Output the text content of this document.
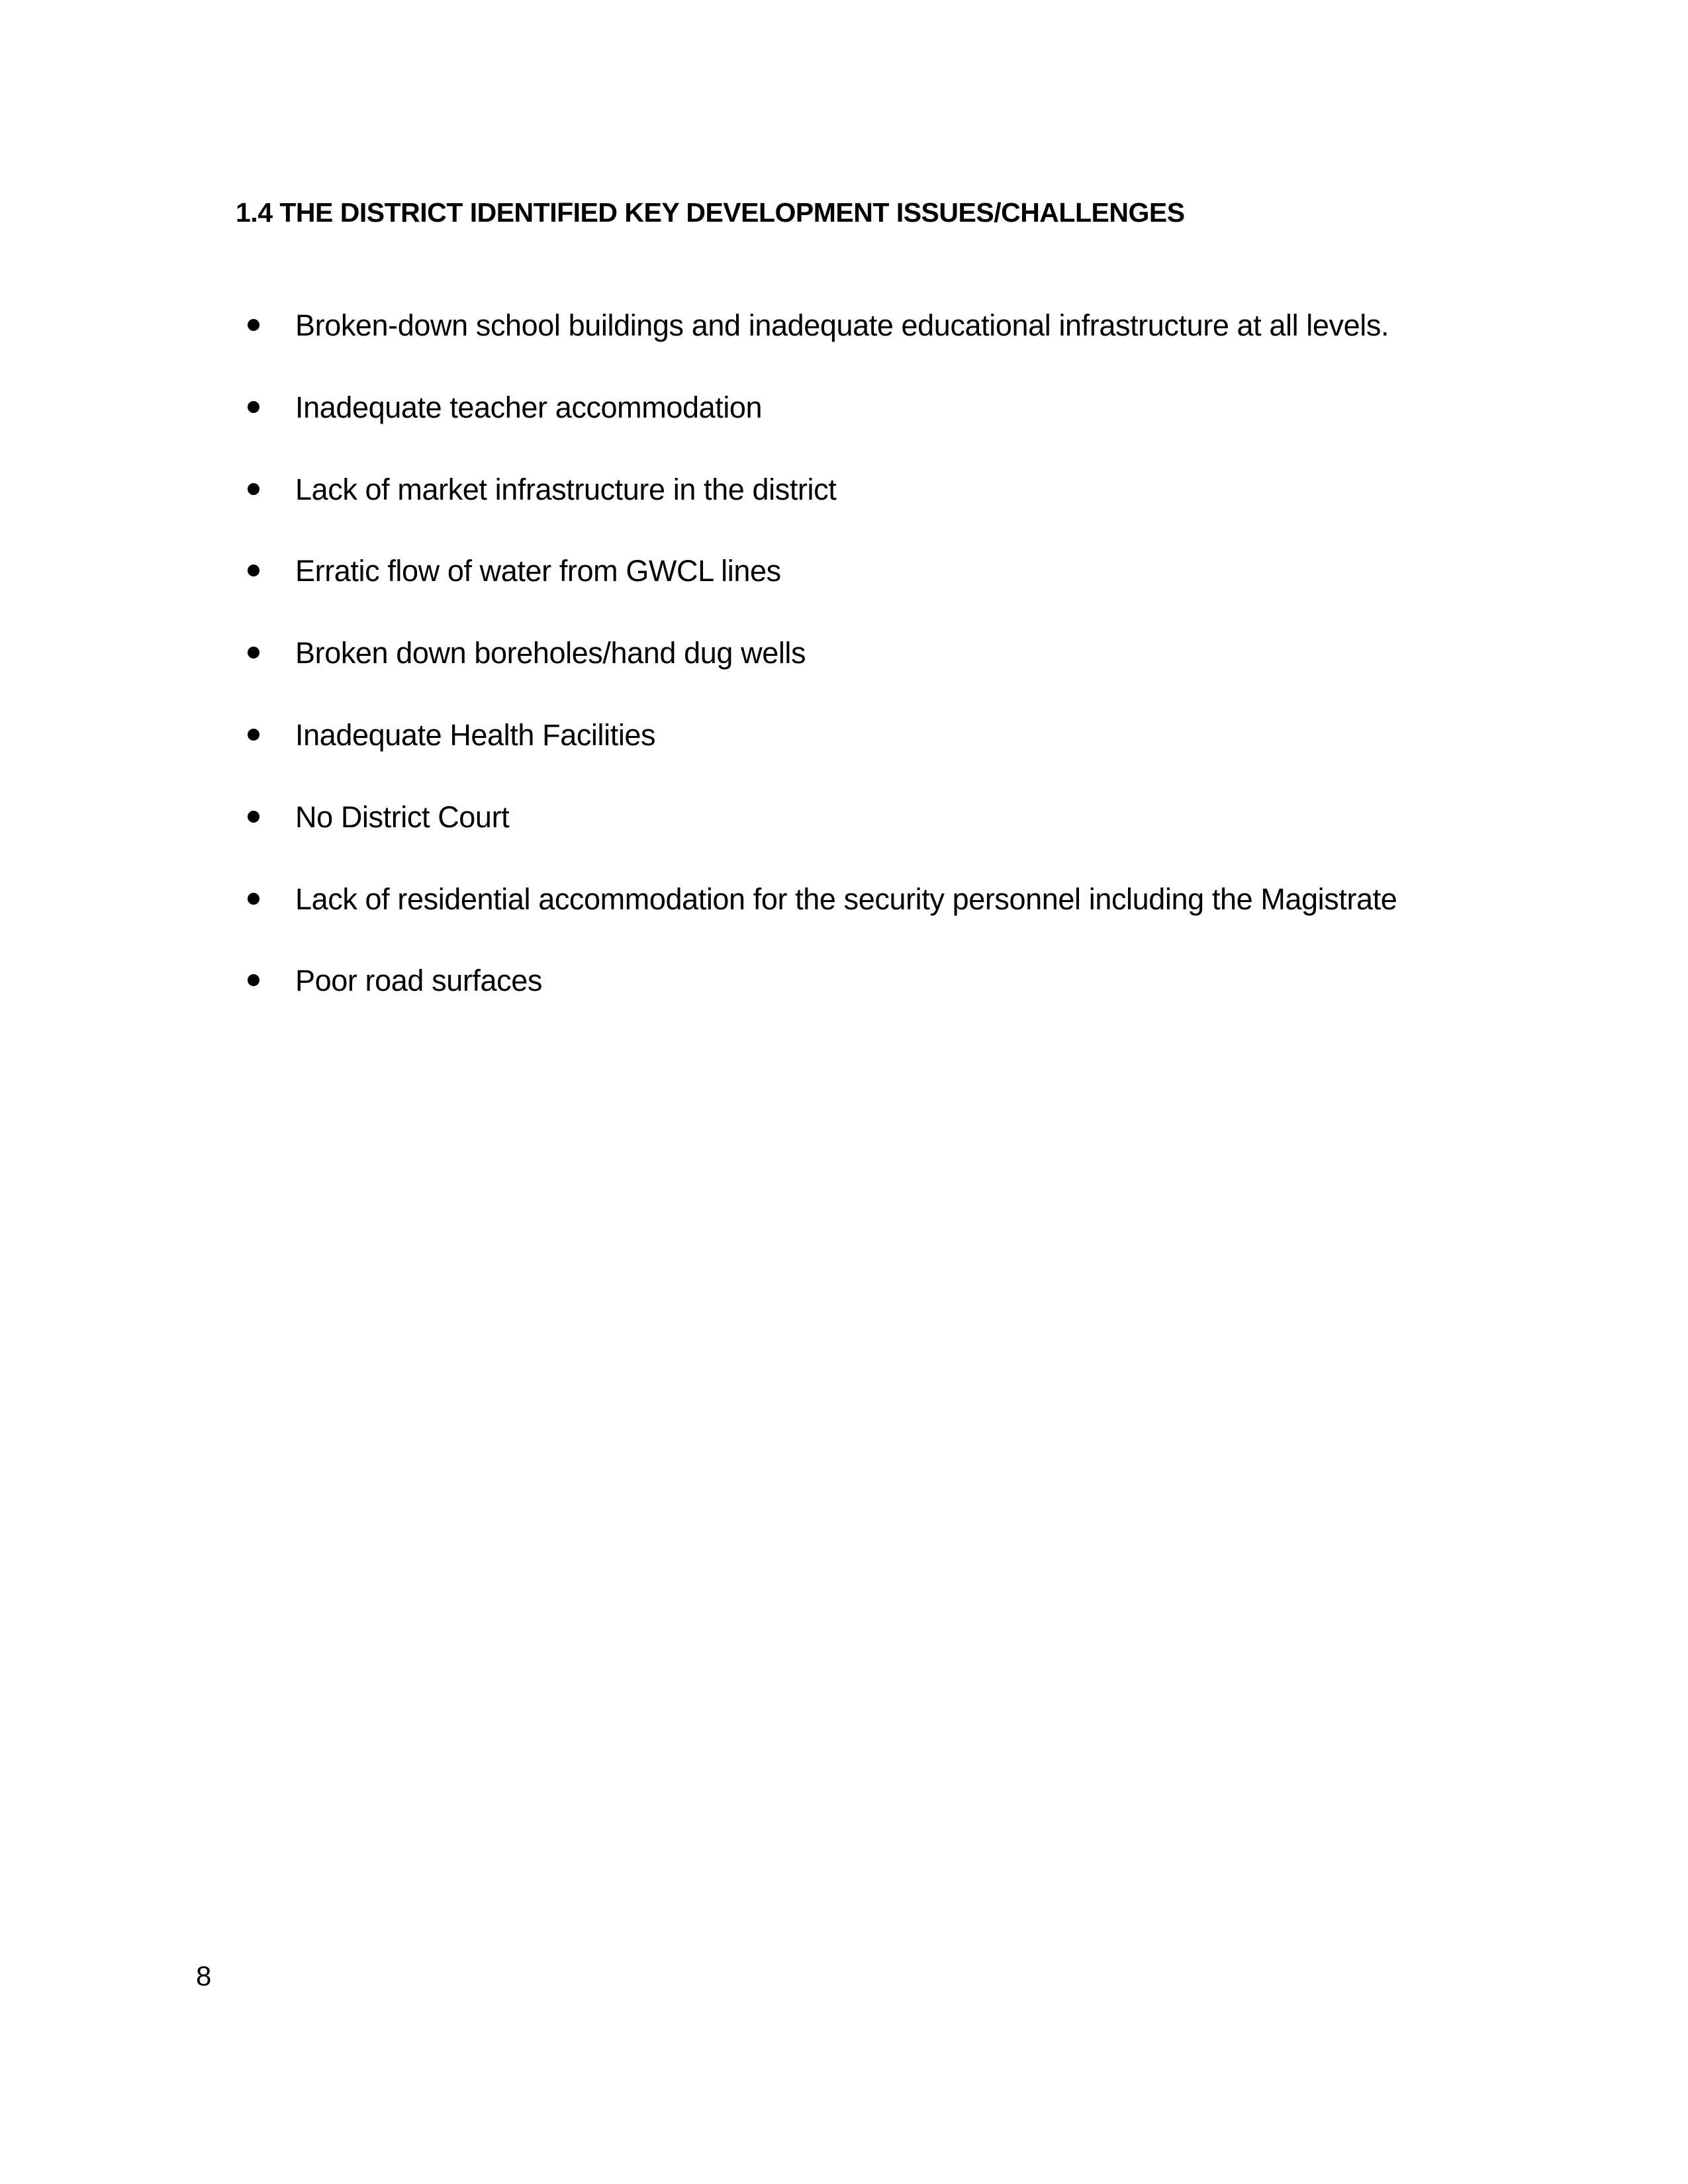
1.4 THE DISTRICT IDENTIFIED KEY DEVELOPMENT ISSUES/CHALLENGES
Broken-down school buildings and inadequate educational infrastructure at all levels.
Inadequate teacher accommodation
Lack of market infrastructure in the district
Erratic flow of water from GWCL lines
Broken down boreholes/hand dug wells
Inadequate Health Facilities
No District Court
Lack of residential accommodation for the security personnel including the Magistrate
Poor road surfaces
8
